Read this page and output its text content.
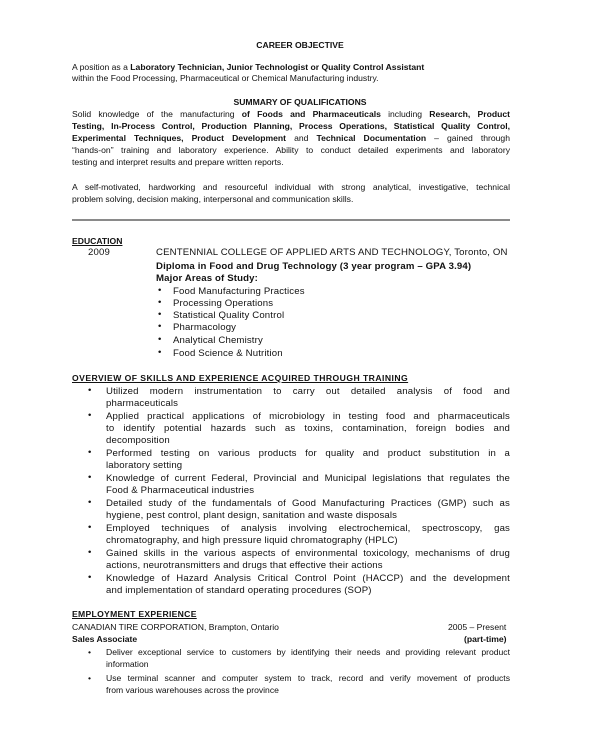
CAREER OBJECTIVE
A position as a Laboratory Technician, Junior Technologist or Quality Control Assistant
within the Food Processing, Pharmaceutical or Chemical Manufacturing industry.
SUMMARY OF QUALIFICATIONS
Solid knowledge of the manufacturing of Foods and Pharmaceuticals including Research, Product
Testing, In-Process Control, Production Planning, Process Operations, Statistical Quality Control,
Experimental Techniques, Product Development and Technical Documentation – gained through
“hands-on” training and laboratory experience. Ability to conduct detailed experiments and laboratory
testing and interpret results and prepare written reports.
A self-motivated, hardworking and resourceful individual with strong analytical, investigative, technical
problem solving, decision making, interpersonal and communication skills.
EDUCATION
2009	CENTENNIAL COLLEGE OF APPLIED ARTS AND TECHNOLOGY, Toronto, ON
Diploma in Food and Drug Technology (3 year program – GPA 3.94)
Major Areas of Study:
• Food Manufacturing Practices
• Processing Operations
• Statistical Quality Control
• Pharmacology
• Analytical Chemistry
• Food Science & Nutrition
OVERVIEW OF SKILLS AND EXPERIENCE ACQUIRED THROUGH TRAINING
• Utilized modern instrumentation to carry out detailed analysis of food and
pharmaceuticals
• Applied practical applications of microbiology in testing food and pharmaceuticals
to identify potential hazards such as toxins, contamination, foreign bodies and
decomposition
• Performed testing on various products for quality and product substitution in a
laboratory setting
• Knowledge of current Federal, Provincial and Municipal legislations that regulates the
Food & Pharmaceutical industries
• Detailed study of the fundamentals of Good Manufacturing Practices (GMP) such as
hygiene, pest control, plant design, sanitation and waste disposals
• Employed techniques of analysis involving electrochemical, spectroscopy, gas
chromatography, and high pressure liquid chromatography (HPLC)
• Gained skills in the various aspects of environmental toxicology, mechanisms of drug
actions, neurotransmitters and drugs that effective their actions
• Knowledge of Hazard Analysis Critical Control Point (HACCP) and the development
and implementation of standard operating procedures (SOP)
EMPLOYMENT EXPERIENCE
CANADIAN TIRE CORPORATION, Brampton, Ontario	2005 – Present
Sales Associate	(part-time)
• Deliver exceptional service to customers by identifying their needs and providing relevant product
information
• Use terminal scanner and computer system to track, record and verify movement of products
from various warehouses across the province
